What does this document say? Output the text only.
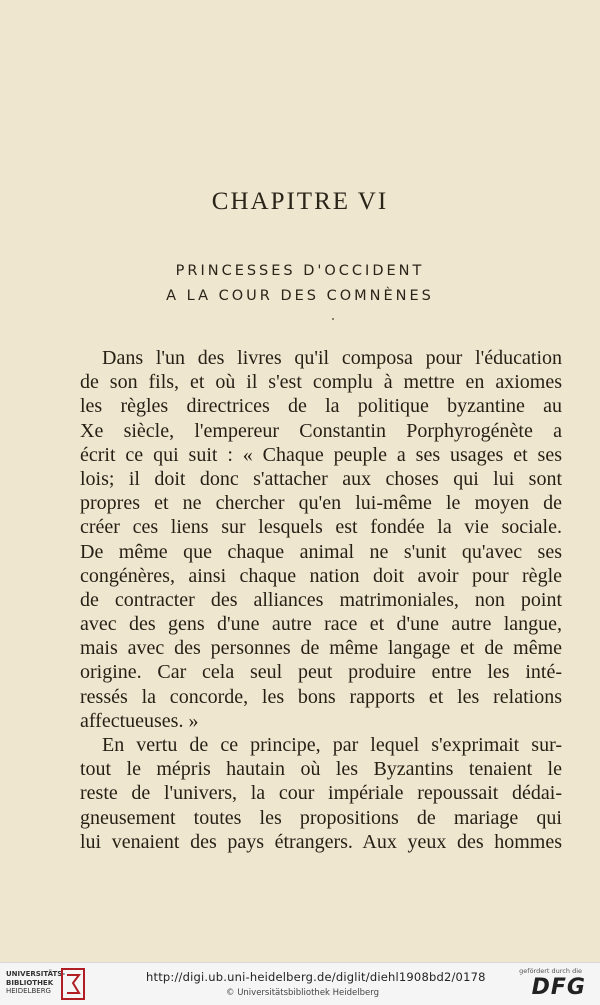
CHAPITRE VI
PRINCESSES D'OCCIDENT
A LA COUR DES COMNÈNES
Dans l'un des livres qu'il composa pour l'éducation
de son fils, et où il s'est complu à mettre en axiomes
les règles directrices de la politique byzantine au
Xe siècle, l'empereur Constantin Porphyrogénète a
écrit ce qui suit : « Chaque peuple a ses usages et ses
lois; il doit donc s'attacher aux choses qui lui sont
propres et ne chercher qu'en lui-même le moyen de
créer ces liens sur lesquels est fondée la vie sociale.
De même que chaque animal ne s'unit qu'avec ses
congénères, ainsi chaque nation doit avoir pour règle
de contracter des alliances matrimoniales, non point
avec des gens d'une autre race et d'une autre langue,
mais avec des personnes de même langage et de même
origine. Car cela seul peut produire entre les inté-
ressés la concorde, les bons rapports et les relations
affectueuses. »
En vertu de ce principe, par lequel s'exprimait sur-
tout le mépris hautain où les Byzantins tenaient le
reste de l'univers, la cour impériale repoussait dédai-
gneusement toutes les propositions de mariage qui
lui venaient des pays étrangers. Aux yeux des hommes
UNIVERSITÄTS-
BIBLIOTHEK
HEIDELBERG
http://digi.ub.uni-heidelberg.de/diglit/diehl1908bd2/0178
© Universitätsbibliothek Heidelberg
gefördert durch die
DFG
